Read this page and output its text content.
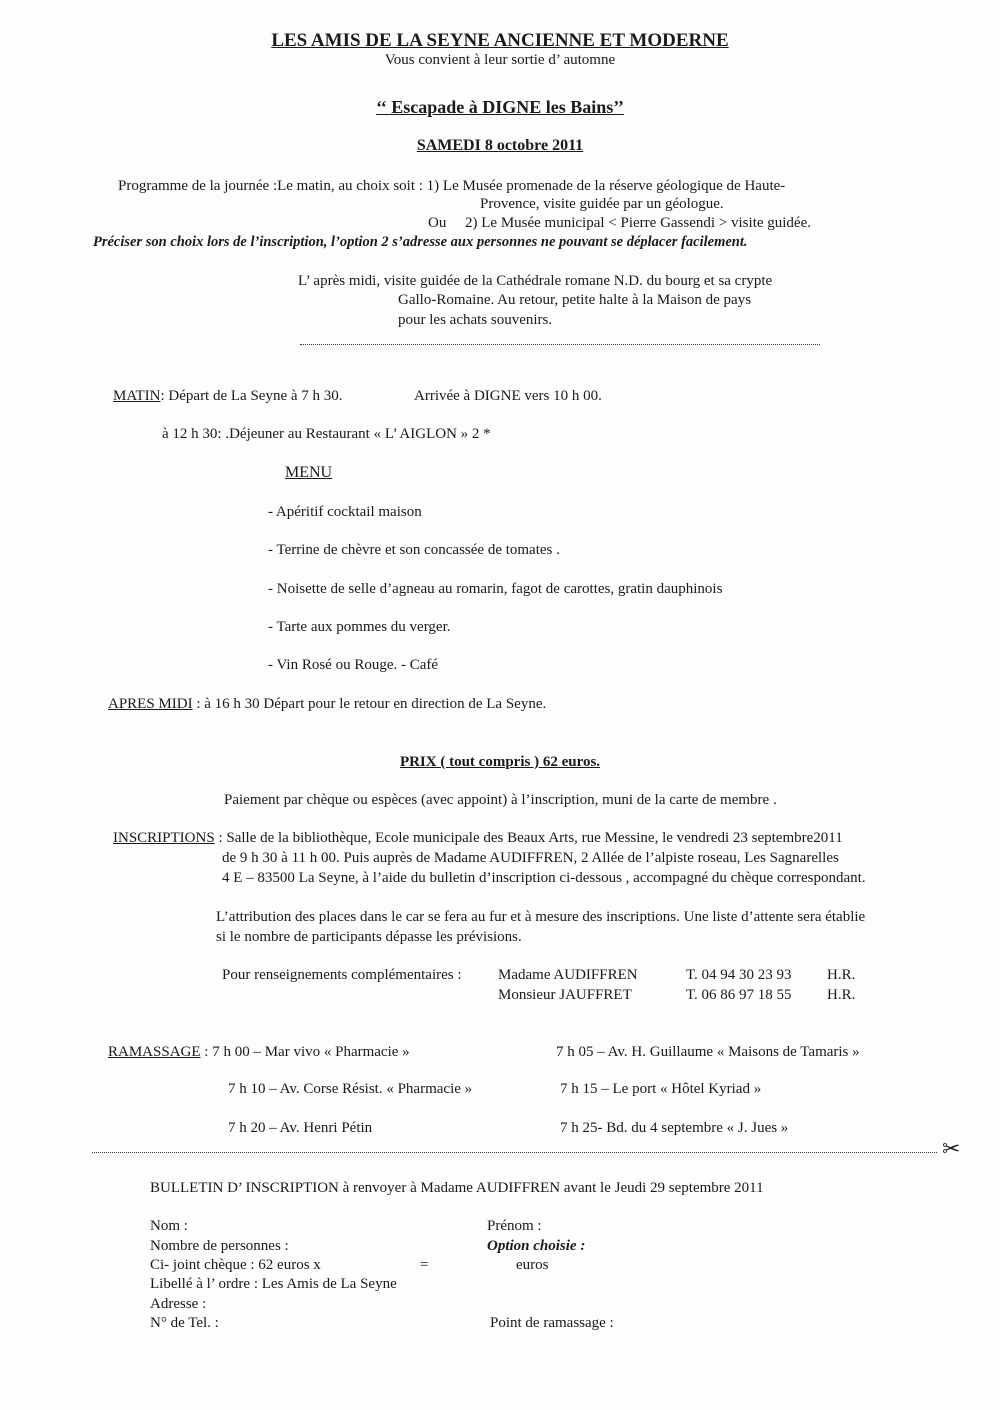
LES AMIS DE LA SEYNE ANCIENNE ET MODERNE
Vous convient à leur sortie d’ automne
‘‘ Escapade à DIGNE les Bains’’
SAMEDI 8 octobre 2011
Programme de la journée :Le matin, au choix soit : 1) Le Musée promenade de la réserve géologique de Haute-
Provence, visite guidée par un géologue.
Ou 2) Le Musée municipal < Pierre Gassendi > visite guidée.
Préciser son choix lors de l’inscription, l’option 2 s’adresse aux personnes ne pouvant se déplacer facilement.
L’ après midi, visite guidée de la Cathédrale romane N.D. du bourg et sa crypte
Gallo-Romaine. Au retour, petite halte à la Maison de pays
pour les achats souvenirs.
MATIN: Départ de La Seyne à 7 h 30.	Arrivée à DIGNE vers 10 h 00.
à 12 h 30: .Déjeuner au Restaurant « L’ AIGLON » 2 *
MENU
- Apéritif cocktail maison
- Terrine de chèvre et son concassée de tomates .
- Noisette de selle d’agneau au romarin, fagot de carottes, gratin dauphinois
- Tarte aux pommes du verger.
- Vin Rosé ou Rouge. - Café
APRES MIDI : à 16 h 30 Départ pour le retour en direction de La Seyne.
PRIX ( tout compris ) 62 euros.
Paiement par chèque ou espèces (avec appoint) à l’inscription, muni de la carte de membre .
INSCRIPTIONS : Salle de la bibliothèque, Ecole municipale des Beaux Arts, rue Messine, le vendredi 23 septembre2011
de 9 h 30 à 11 h 00. Puis auprès de Madame AUDIFFREN, 2 Allée de l’alpiste roseau, Les Sagnarelles
4 E – 83500 La Seyne, à l’aide du bulletin d’inscription ci-dessous , accompagné du chèque correspondant.
L’attribution des places dans le car se fera au fur et à mesure des inscriptions. Une liste d’attente sera établie
si le nombre de participants dépasse les prévisions.
Pour renseignements complémentaires : Madame AUDIFFREN	T. 04 94 30 23 93 H.R.
Monsieur JAUFFRET	T. 06 86 97 18 55 H.R.
RAMASSAGE : 7 h 00 – Mar vivo « Pharmacie »	7 h 05 – Av. H. Guillaume « Maisons de Tamaris »
7 h 10 – Av. Corse Résist. « Pharmacie »	7 h 15 – Le port « Hôtel Kyriad »
7 h 20 – Av. Henri Pétin	7 h 25- Bd. du 4 septembre « J. Jues »
✂
BULLETIN D’ INSCRIPTION à renvoyer à Madame AUDIFFREN avant le Jeudi 29 septembre 2011
Nom :	Prénom :
Nombre de personnes :	Option choisie :
Ci- joint chèque : 62 euros x	=	euros
Libellé à l’ ordre : Les Amis de La Seyne
Adresse :
N° de Tel. :	Point de ramassage :
